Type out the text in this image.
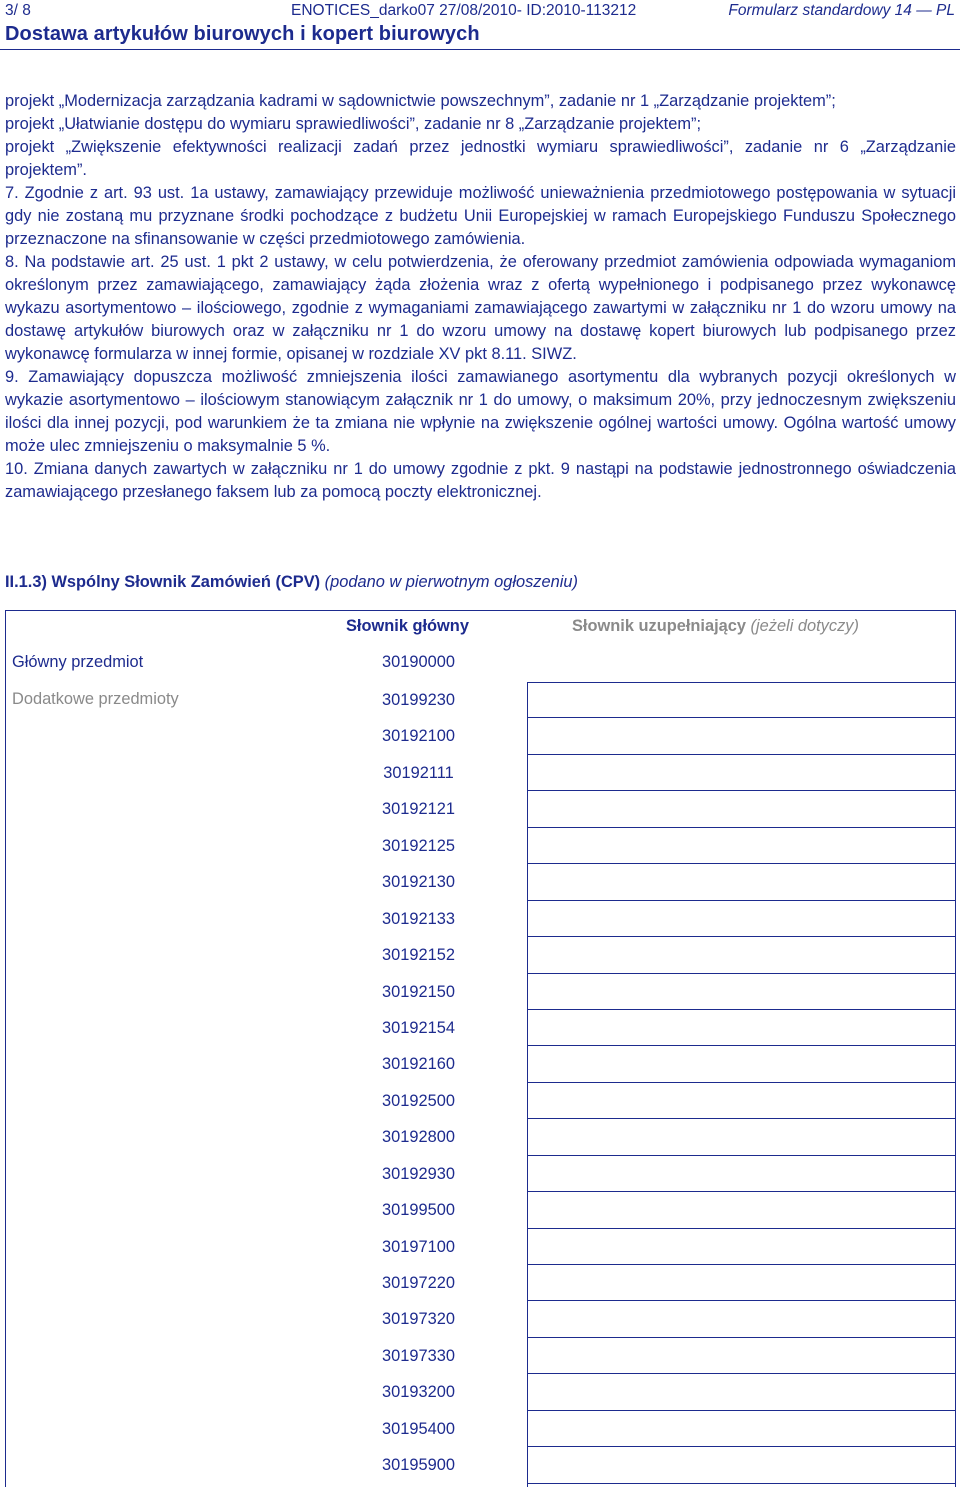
3/ 8	ENOTICES_darko07 27/08/2010- ID:2010-113212	Formularz standardowy 14 — PL
Dostawa artykułów biurowych i kopert biurowych

projekt „Modernizacja zarządzania kadrami w sądownictwie powszechnym”, zadanie nr 1 „Zarządzanie projektem”;

projekt „Ułatwianie dostępu do wymiaru sprawiedliwości”, zadanie nr 8 „Zarządzanie projektem”;

projekt „Zwiększenie efektywności realizacji zadań przez jednostki wymiaru sprawiedliwości”, zadanie nr 6 „Zarządzanie projektem”.

7. Zgodnie z art. 93 ust. 1a ustawy, zamawiający przewiduje możliwość unieważnienia przedmiotowego postępowania w sytuacji gdy nie zostaną mu przyznane środki pochodzące z budżetu Unii Europejskiej w ramach Europejskiego Funduszu Społecznego przeznaczone na sfinansowanie w części przedmiotowego zamówienia.

8. Na podstawie art. 25 ust. 1 pkt 2 ustawy, w celu potwierdzenia, że oferowany przedmiot zamówienia odpowiada wymaganiom określonym przez zamawiającego, zamawiający żąda złożenia wraz z ofertą wypełnionego i podpisanego przez wykonawcę wykazu asortymentowo – ilościowego, zgodnie z wymaganiami zamawiającego zawartymi w załączniku nr 1 do wzoru umowy na dostawę artykułów biurowych oraz w załączniku nr 1 do wzoru umowy na dostawę kopert biurowych lub podpisanego przez wykonawcę formularza w innej formie, opisanej w rozdziale XV pkt 8.11. SIWZ.

9. Zamawiający dopuszcza możliwość zmniejszenia ilości zamawianego asortymentu dla wybranych pozycji określonych w wykazie asortymentowo – ilościowym stanowiącym załącznik nr 1 do umowy, o maksimum 20%, przy jednoczesnym zwiększeniu ilości dla innej pozycji, pod warunkiem że ta zmiana nie wpłynie na zwiększenie ogólnej wartości umowy. Ogólna wartość umowy może ulec zmniejszeniu o maksymalnie 5 %.

10. Zmiana danych zawartych w załączniku nr 1 do umowy zgodnie z pkt. 9 nastąpi na podstawie jednostronnego oświadczenia zamawiającego przesłanego faksem lub za pomocą poczty elektronicznej.

II.1.3) Wspólny Słownik Zamówień (CPV) (podano w pierwotnym ogłoszeniu)
Słownik główny	Słownik uzupełniający (jeżeli dotyczy)
Główny przedmiot	30190000
Dodatkowe przedmioty	30199230
30192100
30192111
30192121
30192125
30192130
30192133
30192152
30192150
30192154
30192160
30192500
30192800
30192930
30199500
30197100
30197220
30197320
30197330
30193200
30195400
30195900
